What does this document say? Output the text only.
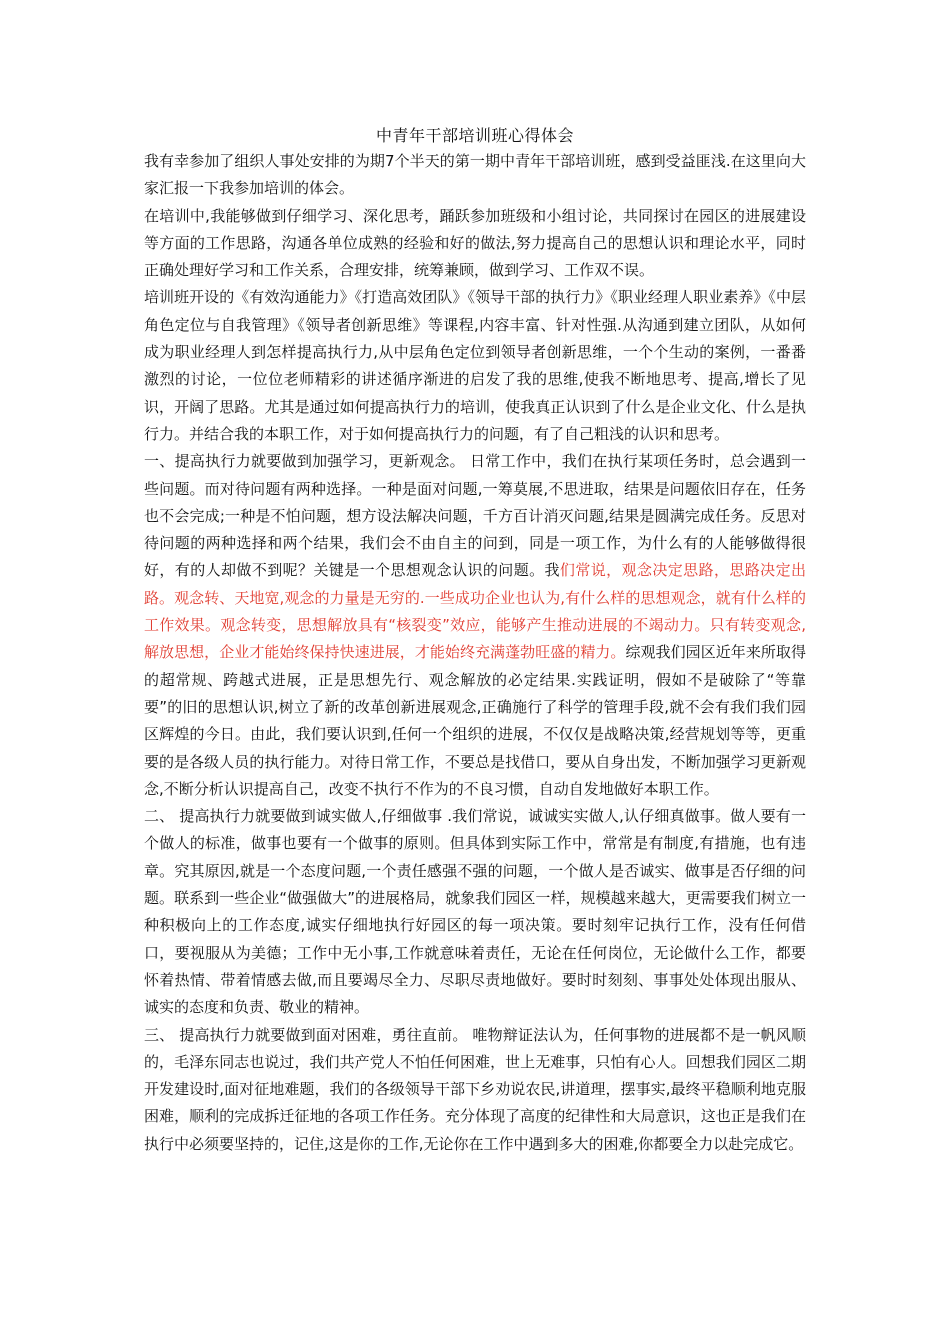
中青年干部培训班心得体会

我有幸参加了组织人事处安排的为期7个半天的第一期中青年干部培训班，感到受益匪浅.在这里向大家汇报一下我参加培训的体会。

在培训中,我能够做到仔细学习、深化思考，踊跃参加班级和小组讨论，共同探讨在园区的进展建设等方面的工作思路，沟通各单位成熟的经验和好的做法,努力提高自己的思想认识和理论水平，同时正确处理好学习和工作关系，合理安排，统筹兼顾，做到学习、工作双不误。

培训班开设的《有效沟通能力》《打造高效团队》《领导干部的执行力》《职业经理人职业素养》《中层角色定位与自我管理》《领导者创新思维》等课程,内容丰富、针对性强.从沟通到建立团队，从如何成为职业经理人到怎样提高执行力,从中层角色定位到领导者创新思维，一个个生动的案例，一番番激烈的讨论，一位位老师精彩的讲述循序渐进的启发了我的思维,使我不断地思考、提高,增长了见识，开阔了思路。尤其是通过如何提高执行力的培训，使我真正认识到了什么是企业文化、什么是执行力。并结合我的本职工作，对于如何提高执行力的问题，有了自己粗浅的认识和思考。

一、提高执行力就要做到加强学习，更新观念。 日常工作中，我们在执行某项任务时，总会遇到一些问题。而对待问题有两种选择。一种是面对问题,一筹莫展,不思进取，结果是问题依旧存在，任务也不会完成;一种是不怕问题，想方设法解决问题，千方百计消灭问题,结果是圆满完成任务。反思对待问题的两种选择和两个结果，我们会不由自主的问到，同是一项工作，为什么有的人能够做得很好，有的人却做不到呢？关键是一个思想观念认识的问题。我们常说，观念决定思路，思路决定出路。观念转、天地宽,观念的力量是无穷的.一些成功企业也认为,有什么样的思想观念，就有什么样的工作效果。观念转变，思想解放具有“核裂变”效应，能够产生推动进展的不竭动力。只有转变观念,解放思想，企业才能始终保持快速进展，才能始终充满蓬勃旺盛的精力。综观我们园区近年来所取得的超常规、跨越式进展，正是思想先行、观念解放的必定结果.实践证明，假如不是破除了“等靠要”的旧的思想认识,树立了新的改革创新进展观念,正确施行了科学的管理手段,就不会有我们我们园区辉煌的今日。由此，我们要认识到,任何一个组织的进展，不仅仅是战略决策,经营规划等等，更重要的是各级人员的执行能力。对待日常工作，不要总是找借口，要从自身出发，不断加强学习更新观念,不断分析认识提高自己，改变不执行不作为的不良习惯，自动自发地做好本职工作。

二、 提高执行力就要做到诚实做人,仔细做事 .我们常说，诚诚实实做人,认仔细真做事。做人要有一个做人的标准，做事也要有一个做事的原则。但具体到实际工作中，常常是有制度,有措施，也有违章。究其原因,就是一个态度问题,一个责任感强不强的问题，一个做人是否诚实、做事是否仔细的问题。联系到一些企业“做强做大”的进展格局，就象我们园区一样，规模越来越大，更需要我们树立一种积极向上的工作态度,诚实仔细地执行好园区的每一项决策。要时刻牢记执行工作，没有任何借口，要视服从为美德；工作中无小事,工作就意味着责任，无论在任何岗位，无论做什么工作，都要怀着热情、带着情感去做,而且要竭尽全力、尽职尽责地做好。要时时刻刻、事事处处体现出服从、诚实的态度和负责、敬业的精神。

三、 提高执行力就要做到面对困难，勇往直前。 唯物辩证法认为，任何事物的进展都不是一帆风顺的，毛泽东同志也说过，我们共产党人不怕任何困难，世上无难事，只怕有心人。回想我们园区二期开发建设时,面对征地难题，我们的各级领导干部下乡劝说农民,讲道理，摆事实,最终平稳顺利地克服困难，顺利的完成拆迁征地的各项工作任务。充分体现了高度的纪律性和大局意识，这也正是我们在执行中必须要坚持的，记住,这是你的工作,无论你在工作中遇到多大的困难,你都要全力以赴完成它。
